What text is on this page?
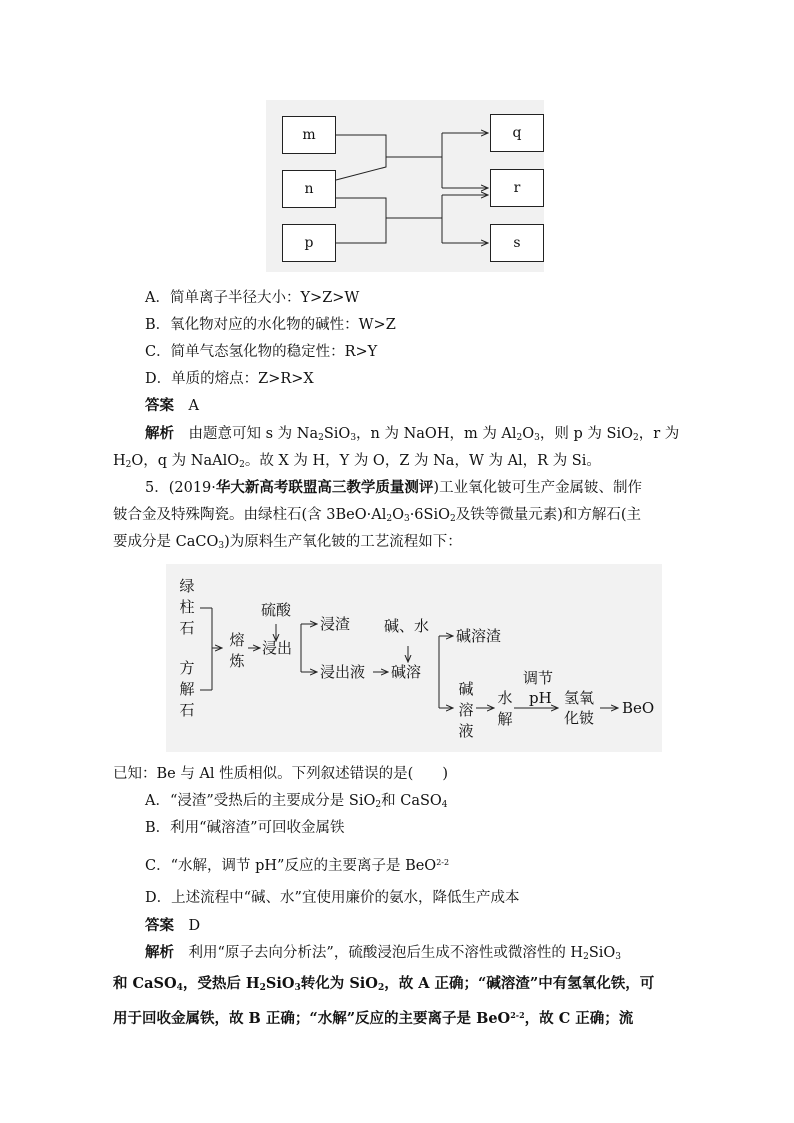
m
n
p
q
r
s
A．简单离子半径大小：Y>Z>W
B．氧化物对应的水化物的碱性：W>Z
C．简单气态氢化物的稳定性：R>Y
D．单质的熔点：Z>R>X
答案　 A
解析　 由题意可知 s 为 $Na_2SiO_3$，n 为 NaOH，m 为 $Al_2O_3$，则 p 为 SiO$_2$，r 为
$H_2O$，q 为 NaAlO$_2$。故 X 为 H，Y 为 O，Z 为 Na，W 为 Al，R 为 Si。
5．(2019·华大新高考联盟高三教学质量测评)工业氧化铍可生产金属铍、制作
铍合金及特殊陶瓷。由绿柱石(含 $3BeO\cdot Al_2O_3\cdot 6SiO_2$及铁等微量元素)和方解石(主
要成分是 CaCO$_3$)为原料生产氧化铍的工艺流程如下：
绿
柱
石
方
解
石
熔
炼
硫酸
浸出
浸渣
浸出液
碱、水
碱溶
碱溶渣
碱
溶
液
水
解
调节
pH 氢氧
化铍
BeO
已知：Be 与 Al 性质相似。下列叙述错误的是(　　)
A．“浸渣”受热后的主要成分是 SiO$_2$和 CaSO$_4$
B．利用“碱溶渣”可回收金属铁
C．“水解，调节 pH”反应的主要离子是 BeO$^{2-2}$
D．上述流程中“碱、水”宜使用廉价的氨水，降低生产成本
答案　 D
解析　 利用“原子去向分析法”，硫酸浸泡后生成不溶性或微溶性的 $H_2SiO_3$
和 CaSO$_4$，受热后 $H_2SiO_3$转化为 SiO$_2$，故 A 正确；“碱溶渣”中有氢氧化铁，可
用于回收金属铁，故 B 正确；“水解”反应的主要离子是 BeO$^{2-2}$，故 C 正确；流
